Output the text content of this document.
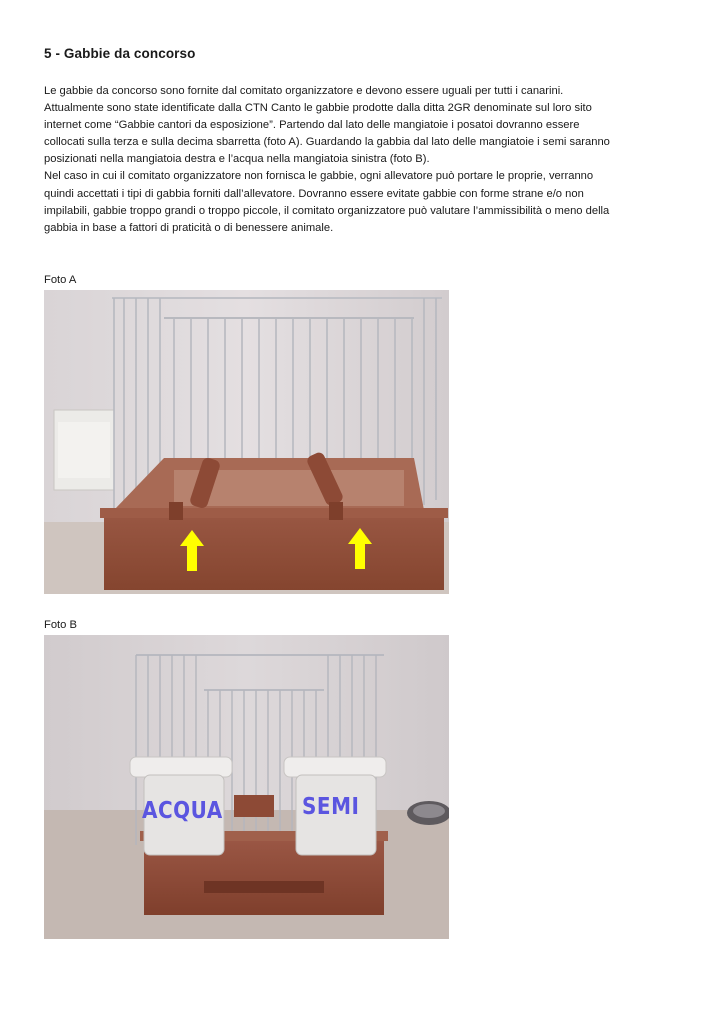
5 - Gabbie da concorso

Le gabbie da concorso sono fornite dal comitato organizzatore e devono essere uguali per tutti i canarini.

Attualmente sono state identificate dalla CTN Canto le gabbie prodotte dalla ditta 2GR denominate sul loro sito

internet come “Gabbie cantori da esposizione”. Partendo dal lato delle mangiatoie i posatoi dovranno essere

collocati sulla terza e sulla decima sbarretta (foto A). Guardando la gabbia dal lato delle mangiatoie i semi saranno

posizionati nella mangiatoia destra e l’acqua nella mangiatoia sinistra (foto B).

Nel caso in cui il comitato organizzatore non fornisca le gabbie, ogni allevatore può portare le proprie, verranno

quindi accettati i tipi di gabbia forniti dall’allevatore. Dovranno essere evitate gabbie con forme strane e/o non

impilabili, gabbie troppo grandi o troppo piccole, il comitato organizzatore può valutare l’ammissibilità o meno della

gabbia in base a fattori di praticità o di benessere animale.

Foto A
Foto B
ACQUA	SEMI
